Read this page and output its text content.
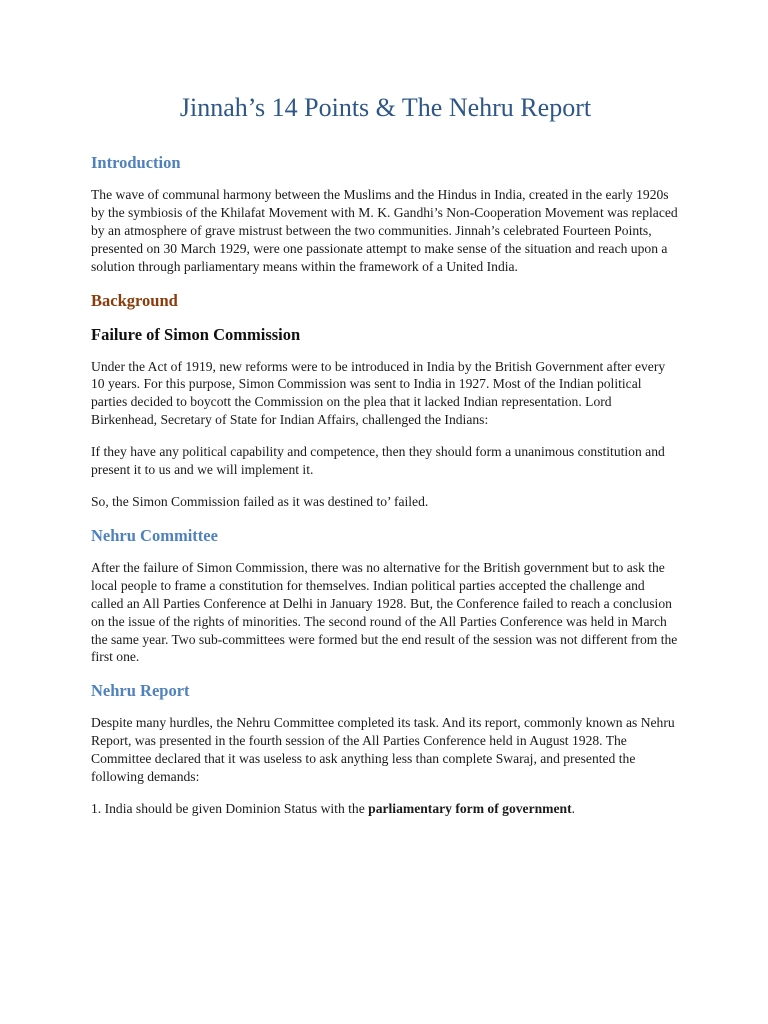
Jinnah’s 14 Points & The Nehru Report
Introduction

The wave of communal harmony between the Muslims and the Hindus in India, created in the early 1920s by the symbiosis of the Khilafat Movement with M. K. Gandhi’s Non-Cooperation Movement was replaced by an atmosphere of grave mistrust between the two communities. Jinnah’s celebrated Fourteen Points, presented on 30 March 1929, were one passionate attempt to make sense of the situation and reach upon a solution through parliamentary means within the framework of a United India.

Background
Failure of Simon Commission

Under the Act of 1919, new reforms were to be introduced in India by the British Government after every 10 years. For this purpose, Simon Commission was sent to India in 1927. Most of the Indian political parties decided to boycott the Commission on the plea that it lacked Indian representation. Lord Birkenhead, Secretary of State for Indian Affairs, challenged the Indians:

If they have any political capability and competence, then they should form a unanimous constitution and present it to us and we will implement it.

So, the Simon Commission failed as it was destined to’ failed.

Nehru Committee

After the failure of Simon Commission, there was no alternative for the British government but to ask the local people to frame a constitution for themselves. Indian political parties accepted the challenge and called an All Parties Conference at Delhi in January 1928. But, the Conference failed to reach a conclusion on the issue of the rights of minorities. The second round of the All Parties Conference was held in March the same year. Two sub-committees were formed but the end result of the session was not different from the first one.

Nehru Report

Despite many hurdles, the Nehru Committee completed its task. And its report, commonly known as Nehru Report, was presented in the fourth session of the All Parties Conference held in August 1928. The Committee declared that it was useless to ask anything less than complete Swaraj, and presented the following demands:

1. India should be given Dominion Status with the parliamentary form of government.
